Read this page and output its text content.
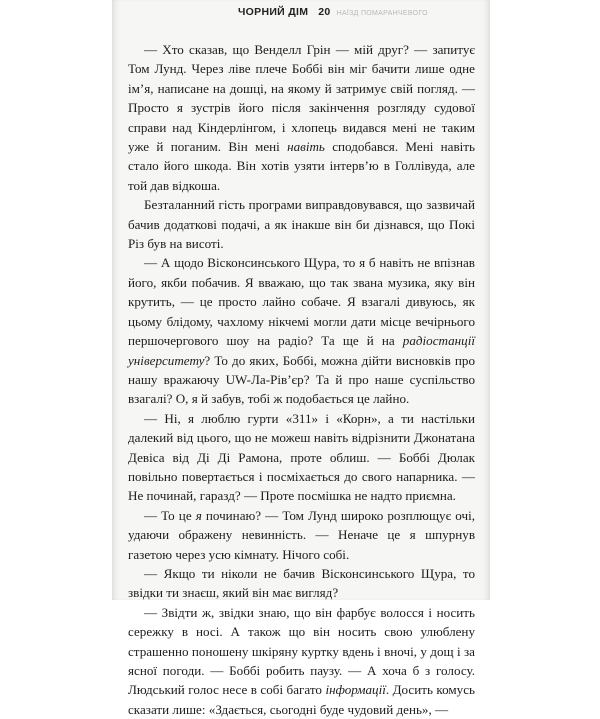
ЧОРНИЙ ДІМ 20 НАЇЗД ПОМАРАНЧЕВОГО

— Хто сказав, що Венделл Грін — мій друг? — запитує Том Лунд. Через ліве плече Боббі він міг бачити лише одне ім’я, написане на дошці, на якому й затримує свій погляд. — Просто я зустрів його після закінчення розгляду судової справи над Кіндерлінгом, і хлопець видався мені не таким уже й поганим. Він мені навіть сподобався. Мені навіть стало його шкода. Він хотів узяти інтерв’ю в Голлівуда, але той дав відкоша.

Безталанний гість програми виправдовувався, що зазвичай бачив додаткові подачі, а як інакше він би дізнався, що Покі Різ був на висоті.

— А щодо Вісконсинського Щура, то я б навіть не впізнав його, якби побачив. Я вважаю, що так звана музика, яку він крутить, — це просто лайно собаче. Я взагалі дивуюсь, як цьому блідому, чахлому нікчемі могли дати місце вечірнього першочергового шоу на радіо? Та ще й на радіостанції університету? То до яких, Боббі, можна дійти висновків про нашу вражаючу UW-Ла-Рів’єр? Та й про наше суспільство взагалі? О, я й забув, тобі ж подобається це лайно.

— Ні, я люблю гурти «311» і «Корн», а ти настільки далекий від цього, що не можеш навіть відрізнити Джонатана Девіса від Ді Ді Рамона, проте облиш. — Боббі Дюлак повільно повертається і посміхається до свого напарника. — Не починай, гаразд? — Проте посмішка не надто приємна.

— То це я починаю? — Том Лунд широко розплющує очі, удаючи ображену невинність. — Неначе це я шпурнув газетою через усю кімнату. Нічого собі.

— Якщо ти ніколи не бачив Вісконсинського Щура, то звідки ти знаєш, який він має вигляд?

— Звідти ж, звідки знаю, що він фарбує волосся і носить сережку в носі. А також що він носить свою улюблену страшенно поношену шкіряну куртку вдень і вночі, у дощ і за ясної погоди. — Боббі робить паузу. — А хоча б з голосу. Людський голос несе в собі багато інформації. Досить комусь сказати лише: «Здається, сьогодні буде чудовий день», —
